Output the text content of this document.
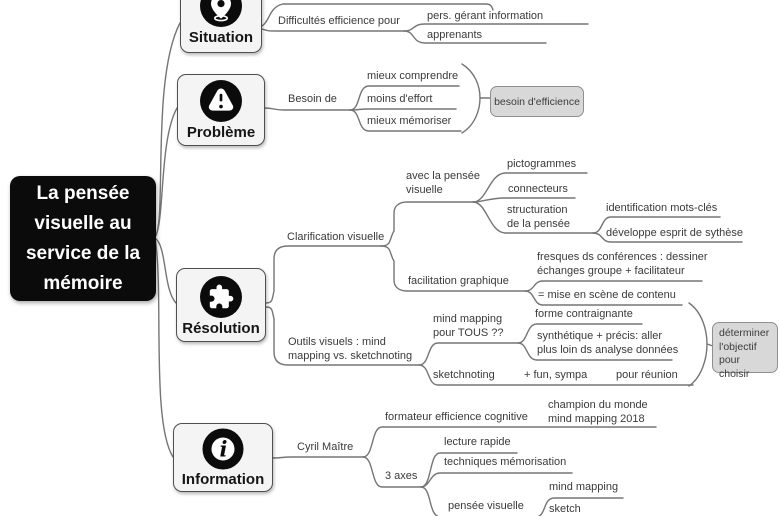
La pensée
visuelle au
service de la
mémoire
Situation
Problème
Résolution
i
Information
Difficultés efficience pour pers. gérant information
apprenants
Besoin de
mieux comprendre
moins d'effort
mieux mémoriser
besoin d'efficience
Clarification visuelle
avec la pensée
visuelle
pictogrammes
connecteurs
structuration
de la pensée
identification mots-clés
développe esprit de sythèse
facilitation graphique
fresques ds conférences : dessiner
échanges groupe + facilitateur
= mise en scène de contenu
Outils visuels : mind
mapping vs. sketchnoting
mind mapping
pour TOUS ??
forme contraignante
synthétique + précis: aller
plus loin ds analyse données
sketchnoting	+ fun, sympa	pour réunion
déterminer
l'objectif
pour choisir
Cyril Maître
formateur efficience cognitive
champion du monde
mind mapping 2018
3 axes
lecture rapide
techniques mémorisation
pensée visuelle
mind mapping
sketch
